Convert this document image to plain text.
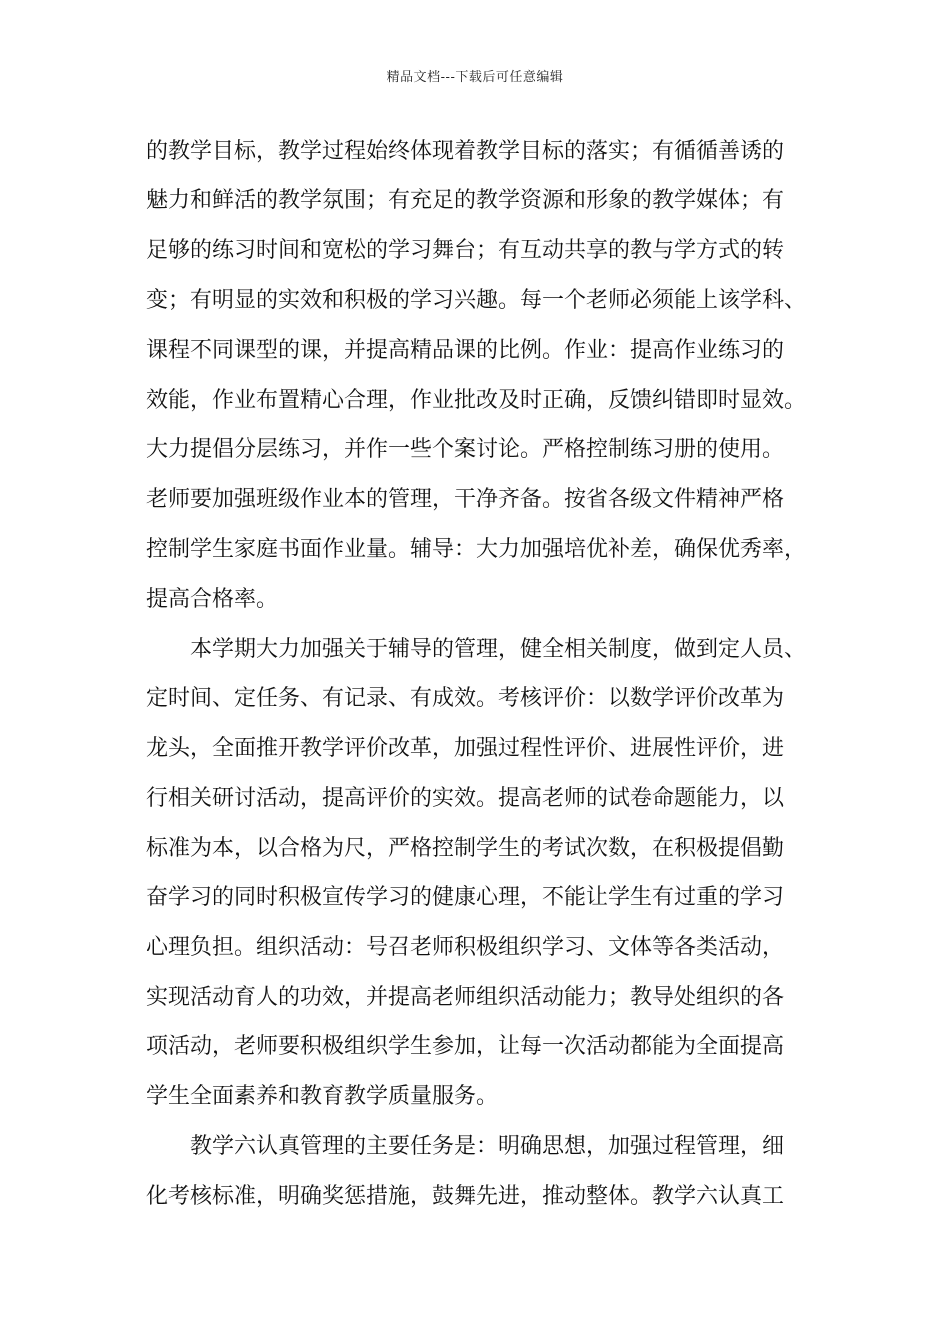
精品文档---下载后可任意编辑
的教学目标，教学过程始终体现着教学目标的落实；有循循善诱的
魅力和鲜活的教学氛围；有充足的教学资源和形象的教学媒体；有
足够的练习时间和宽松的学习舞台；有互动共享的教与学方式的转
变；有明显的实效和积极的学习兴趣。每一个老师必须能上该学科、
课程不同课型的课，并提高精品课的比例。作业：提高作业练习的
效能，作业布置精心合理，作业批改及时正确，反馈纠错即时显效。
大力提倡分层练习，并作一些个案讨论。严格控制练习册的使用。
老师要加强班级作业本的管理，干净齐备。按省各级文件精神严格
控制学生家庭书面作业量。辅导：大力加强培优补差，确保优秀率，
提高合格率。
本学期大力加强关于辅导的管理，健全相关制度，做到定人员、
定时间、定任务、有记录、有成效。考核评价：以数学评价改革为
龙头，全面推开教学评价改革，加强过程性评价、进展性评价，进
行相关研讨活动，提高评价的实效。提高老师的试卷命题能力，以
标准为本，以合格为尺，严格控制学生的考试次数，在积极提倡勤
奋学习的同时积极宣传学习的健康心理，不能让学生有过重的学习
心理负担。组织活动：号召老师积极组织学习、文体等各类活动，
实现活动育人的功效，并提高老师组织活动能力；教导处组织的各
项活动，老师要积极组织学生参加，让每一次活动都能为全面提高
学生全面素养和教育教学质量服务。
教学六认真管理的主要任务是：明确思想，加强过程管理，细
化考核标准，明确奖惩措施，鼓舞先进，推动整体。教学六认真工
